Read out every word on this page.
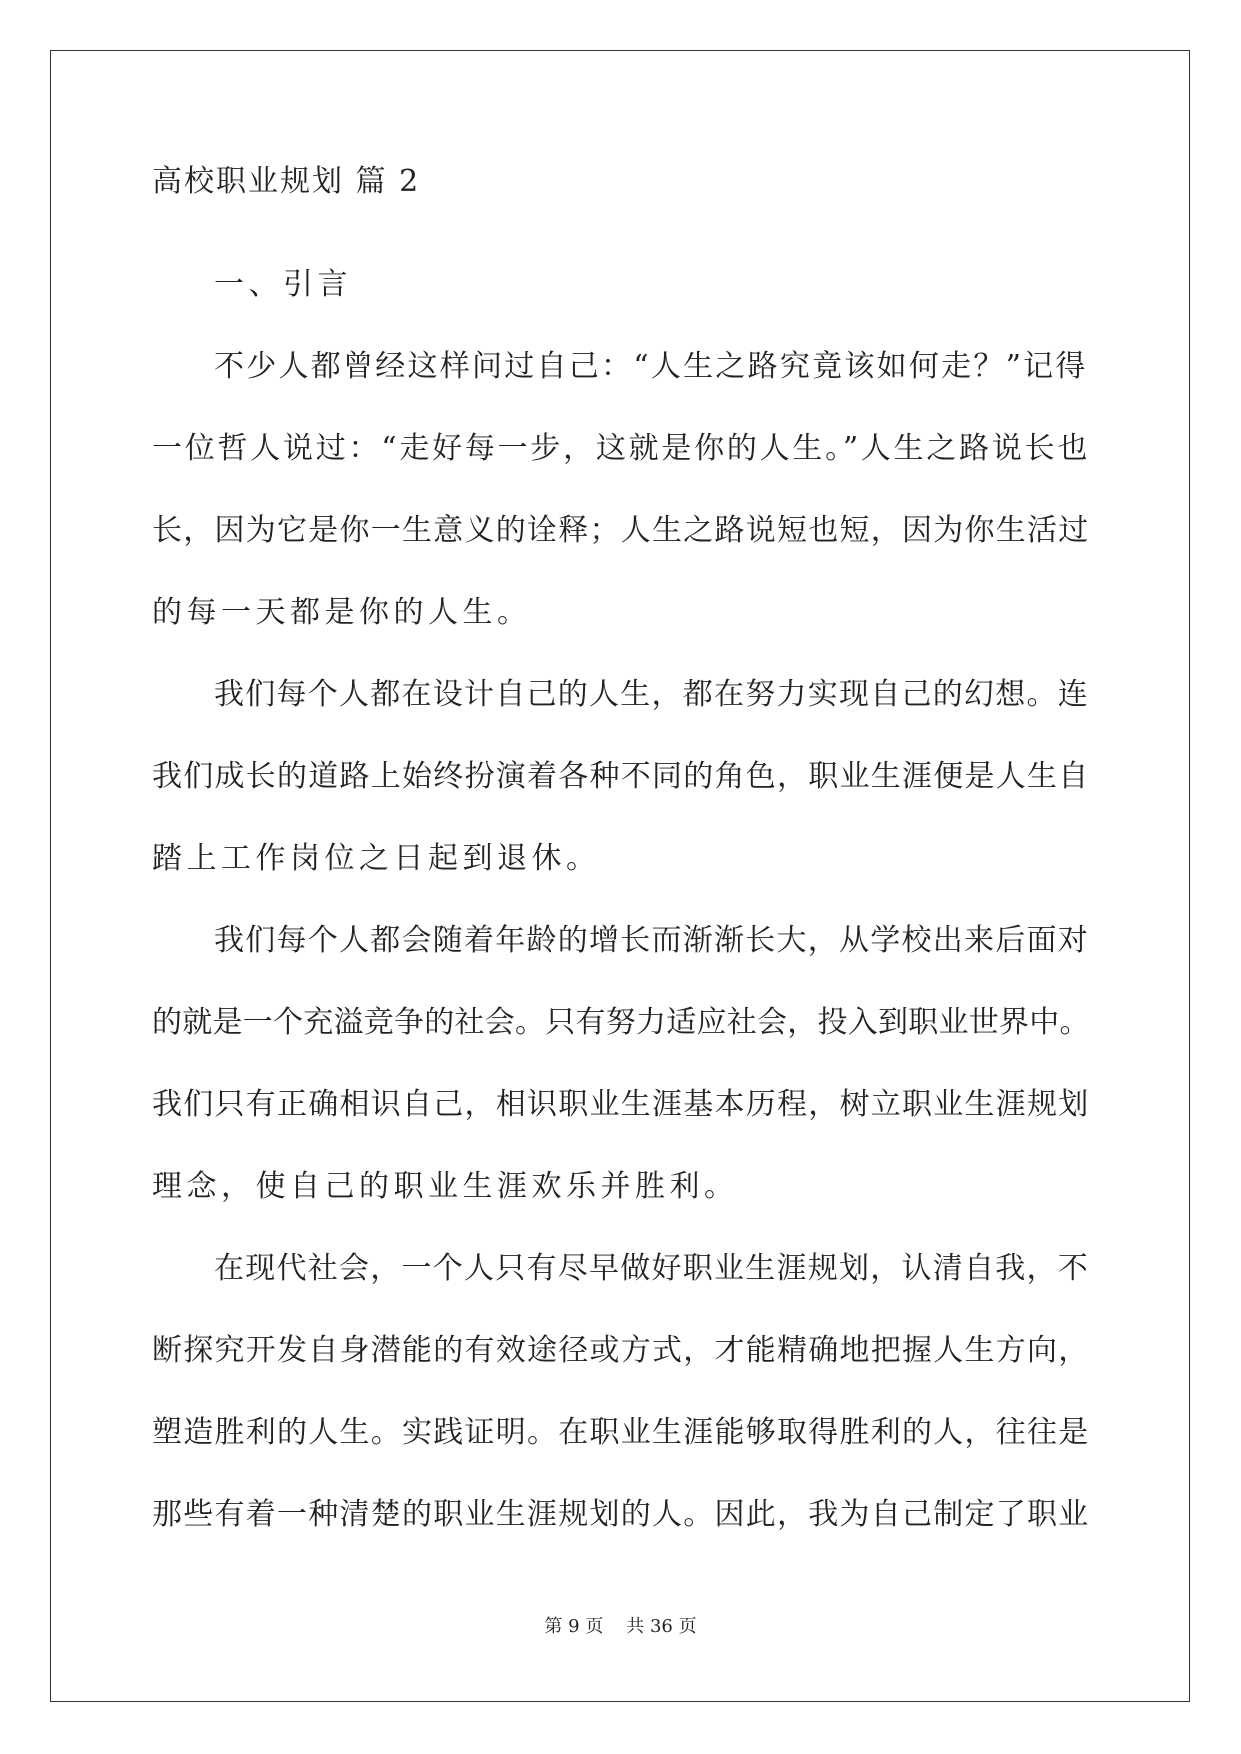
高校职业规划 篇 2
一、引言
不少人都曾经这样问过自己：“人生之路究竟该如何走？”记得
一位哲人说过：“走好每一步，这就是你的人生。”人生之路说长也
长，因为它是你一生意义的诠释；人生之路说短也短，因为你生活过
的每一天都是你的人生。
我们每个人都在设计自己的人生，都在努力实现自己的幻想。连
我们成长的道路上始终扮演着各种不同的角色，职业生涯便是人生自
踏上工作岗位之日起到退休。
我们每个人都会随着年龄的增长而渐渐长大，从学校出来后面对
的就是一个充溢竞争的社会。只有努力适应社会，投入到职业世界中。
我们只有正确相识自己，相识职业生涯基本历程，树立职业生涯规划
理念，使自己的职业生涯欢乐并胜利。
在现代社会，一个人只有尽早做好职业生涯规划，认清自我，不
断探究开发自身潜能的有效途径或方式，才能精确地把握人生方向，
塑造胜利的人生。实践证明。在职业生涯能够取得胜利的人，往往是
那些有着一种清楚的职业生涯规划的人。因此，我为自己制定了职业
第 9 页 共 36 页
